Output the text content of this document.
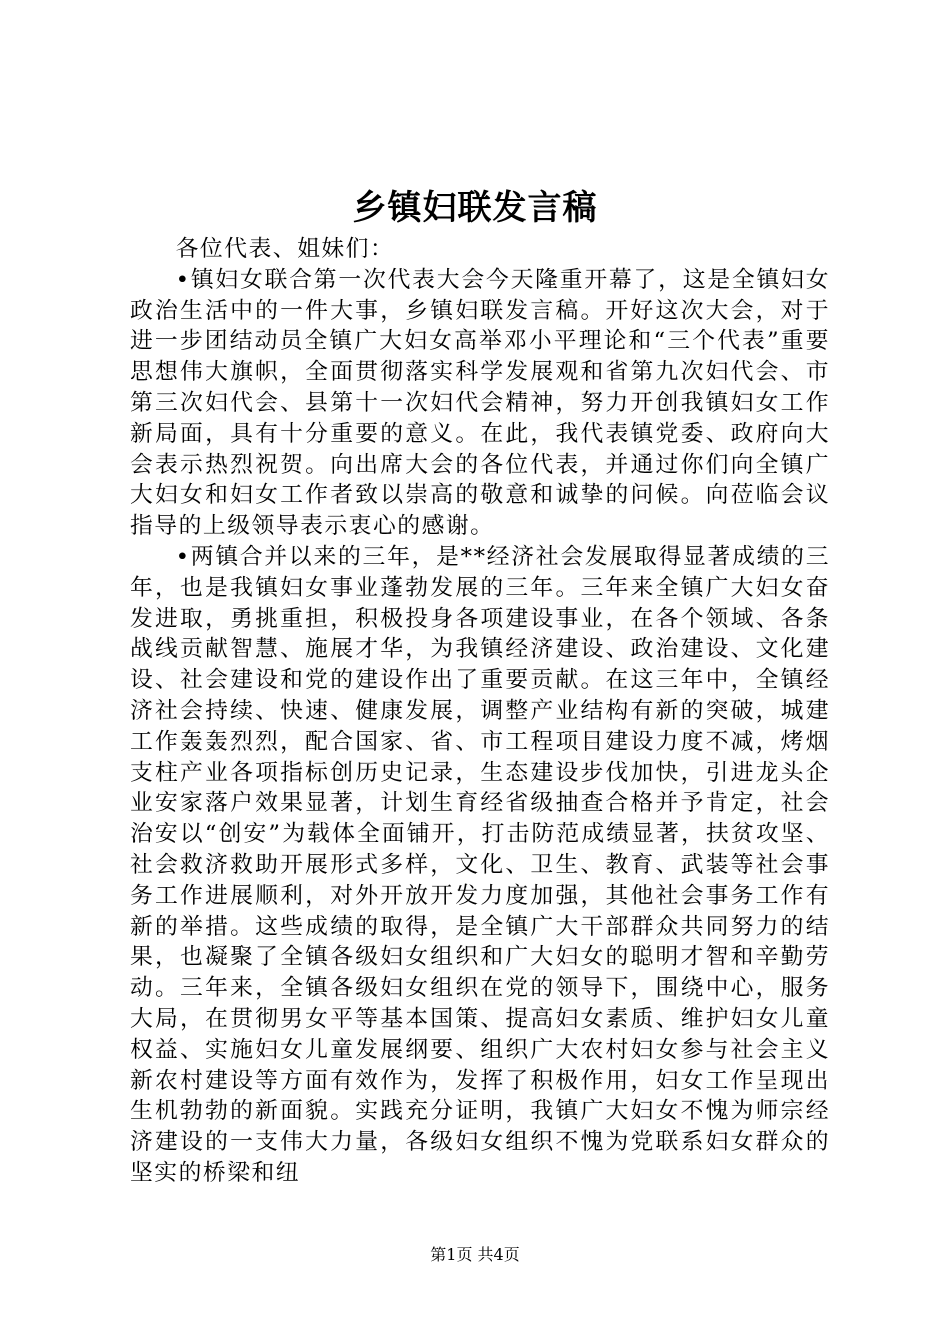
乡镇妇联发言稿

各位代表、姐妹们：

•镇妇女联合第一次代表大会今天隆重开幕了，这是全镇妇女政治生活中的一件大事，乡镇妇联发言稿。开好这次大会，对于进一步团结动员全镇广大妇女高举邓小平理论和“三个代表”重要思想伟大旗帜，全面贯彻落实科学发展观和省第九次妇代会、市第三次妇代会、县第十一次妇代会精神，努力开创我镇妇女工作新局面，具有十分重要的意义。在此，我代表镇党委、政府向大会表示热烈祝贺。向出席大会的各位代表，并通过你们向全镇广大妇女和妇女工作者致以崇高的敬意和诚挚的问候。向莅临会议指导的上级领导表示衷心的感谢。

•两镇合并以来的三年，是**经济社会发展取得显著成绩的三年，也是我镇妇女事业蓬勃发展的三年。三年来全镇广大妇女奋发进取，勇挑重担，积极投身各项建设事业，在各个领域、各条战线贡献智慧、施展才华，为我镇经济建设、政治建设、文化建设、社会建设和党的建设作出了重要贡献。在这三年中，全镇经济社会持续、快速、健康发展，调整产业结构有新的突破，城建工作轰轰烈烈，配合国家、省、市工程项目建设力度不减，烤烟支柱产业各项指标创历史记录，生态建设步伐加快，引进龙头企业安家落户效果显著，计划生育经省级抽查合格并予肯定，社会治安以“创安”为载体全面铺开，打击防范成绩显著，扶贫攻坚、社会救济救助开展形式多样，文化、卫生、教育、武装等社会事务工作进展顺利，对外开放开发力度加强，其他社会事务工作有新的举措。这些成绩的取得，是全镇广大干部群众共同努力的结果，也凝聚了全镇各级妇女组织和广大妇女的聪明才智和辛勤劳动。三年来，全镇各级妇女组织在党的领导下，围绕中心，服务大局，在贯彻男女平等基本国策、提高妇女素质、维护妇女儿童权益、实施妇女儿童发展纲要、组织广大农村妇女参与社会主义新农村建设等方面有效作为，发挥了积极作用，妇女工作呈现出生机勃勃的新面貌。实践充分证明，我镇广大妇女不愧为师宗经济建设的一支伟大力量，各级妇女组织不愧为党联系妇女群众的坚实的桥梁和纽

第1页 共4页
